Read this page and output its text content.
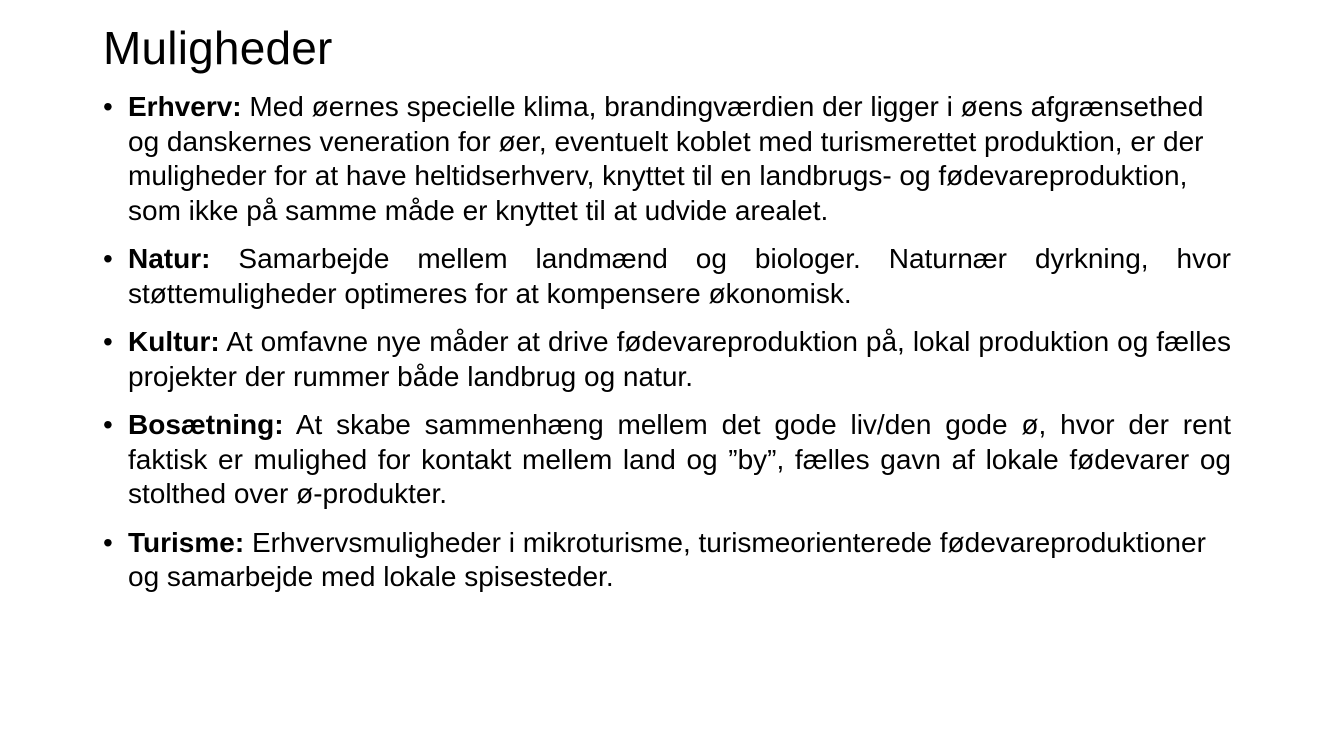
Muligheder
• Erhverv: Med øernes specielle klima, brandingværdien der ligger i øens afgrænsethed og danskernes veneration for øer, eventuelt koblet med turismerettet produktion, er der muligheder for at have heltidserhverv, knyttet til en landbrugs- og fødevareproduktion, som ikke på samme måde er knyttet til at udvide arealet.
• Natur: Samarbejde mellem landmænd og biologer. Naturnær dyrkning, hvor støttemuligheder optimeres for at kompensere økonomisk.
• Kultur: At omfavne nye måder at drive fødevareproduktion på, lokal produktion og fælles projekter der rummer både landbrug og natur.
• Bosætning: At skabe sammenhæng mellem det gode liv/den gode ø, hvor der rent faktisk er mulighed for kontakt mellem land og ”by”, fælles gavn af lokale fødevarer og stolthed over ø-produkter.
• Turisme: Erhvervsmuligheder i mikroturisme, turismeorienterede fødevareproduktioner og samarbejde med lokale spisesteder.
